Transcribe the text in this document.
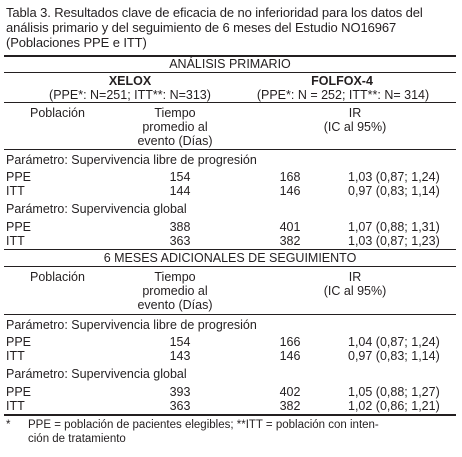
Tabla 3. Resultados clave de eficacia de no inferioridad para los datos del análisis primario y del seguimiento de 6 meses del Estudio NO16967 (Poblaciones PPE e ITT)
ANÁLISIS PRIMARIO
XELOX	FOLFOX-4
(PPE*: N=251; ITT**: N=313)	(PPE*: N = 252; ITT**: N= 314)
Población	Tiempo
promedio al
evento (Días)
IR
(IC al 95%)
Parámetro: Supervivencia libre de progresión
PPE	154	168	1,03 (0,87; 1,24)
ITT	144	146	0,97 (0,83; 1,14)
Parámetro: Supervivencia global
PPE	388	401	1,07 (0,88; 1,31)
ITT	363	382	1,03 (0,87; 1,23)
6 MESES ADICIONALES DE SEGUIMIENTO
Población	Tiempo
promedio al
evento (Días)
IR
(IC al 95%)
Parámetro: Supervivencia libre de progresión
PPE	154	166	1,04 (0,87; 1,24)
ITT	143	146	0,97 (0,83; 1,14)
Parámetro: Supervivencia global
PPE	393	402	1,05 (0,88; 1,27)
ITT	363	382	1,02 (0,86; 1,21)
* PPE = población de pacientes elegibles; **ITT = población con inten-
ción de tratamiento
